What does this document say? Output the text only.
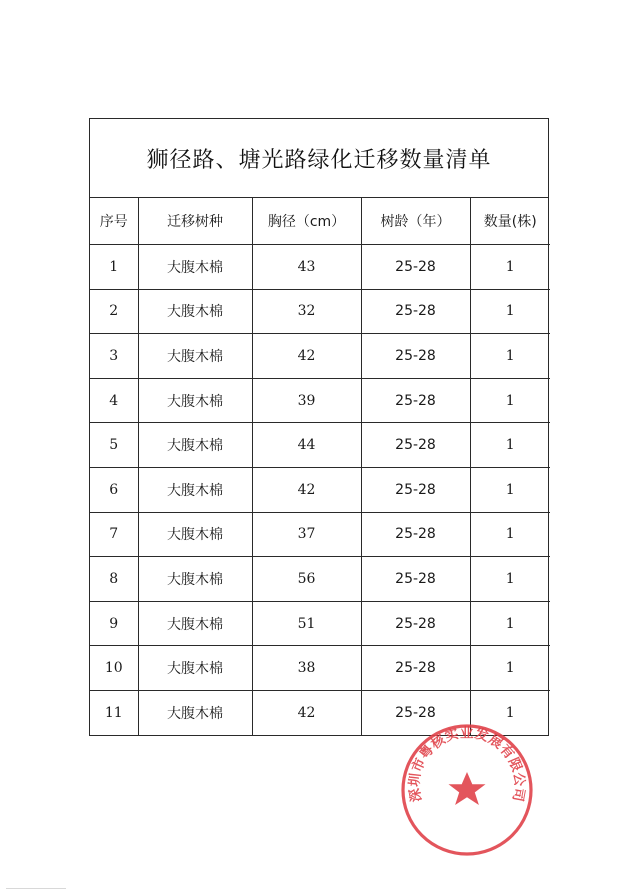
狮径路、塘光路绿化迁移数量清单
序号	迁移树种	胸径（cm）	树龄（年）	数量(株)
1	大腹木棉	43	25-28	1
2	大腹木棉	32	25-28	1
3	大腹木棉	42	25-28	1
4	大腹木棉	39	25-28	1
5	大腹木棉	44	25-28	1
6	大腹木棉	42	25-28	1
7	大腹木棉	37	25-28	1
8	大腹木棉	56	25-28	1
9	大腹木棉	51	25-28	1
10	大腹木棉	38	25-28	1
11	大腹木棉	42	25-28	1
深圳市粤核实业发展有限公司
